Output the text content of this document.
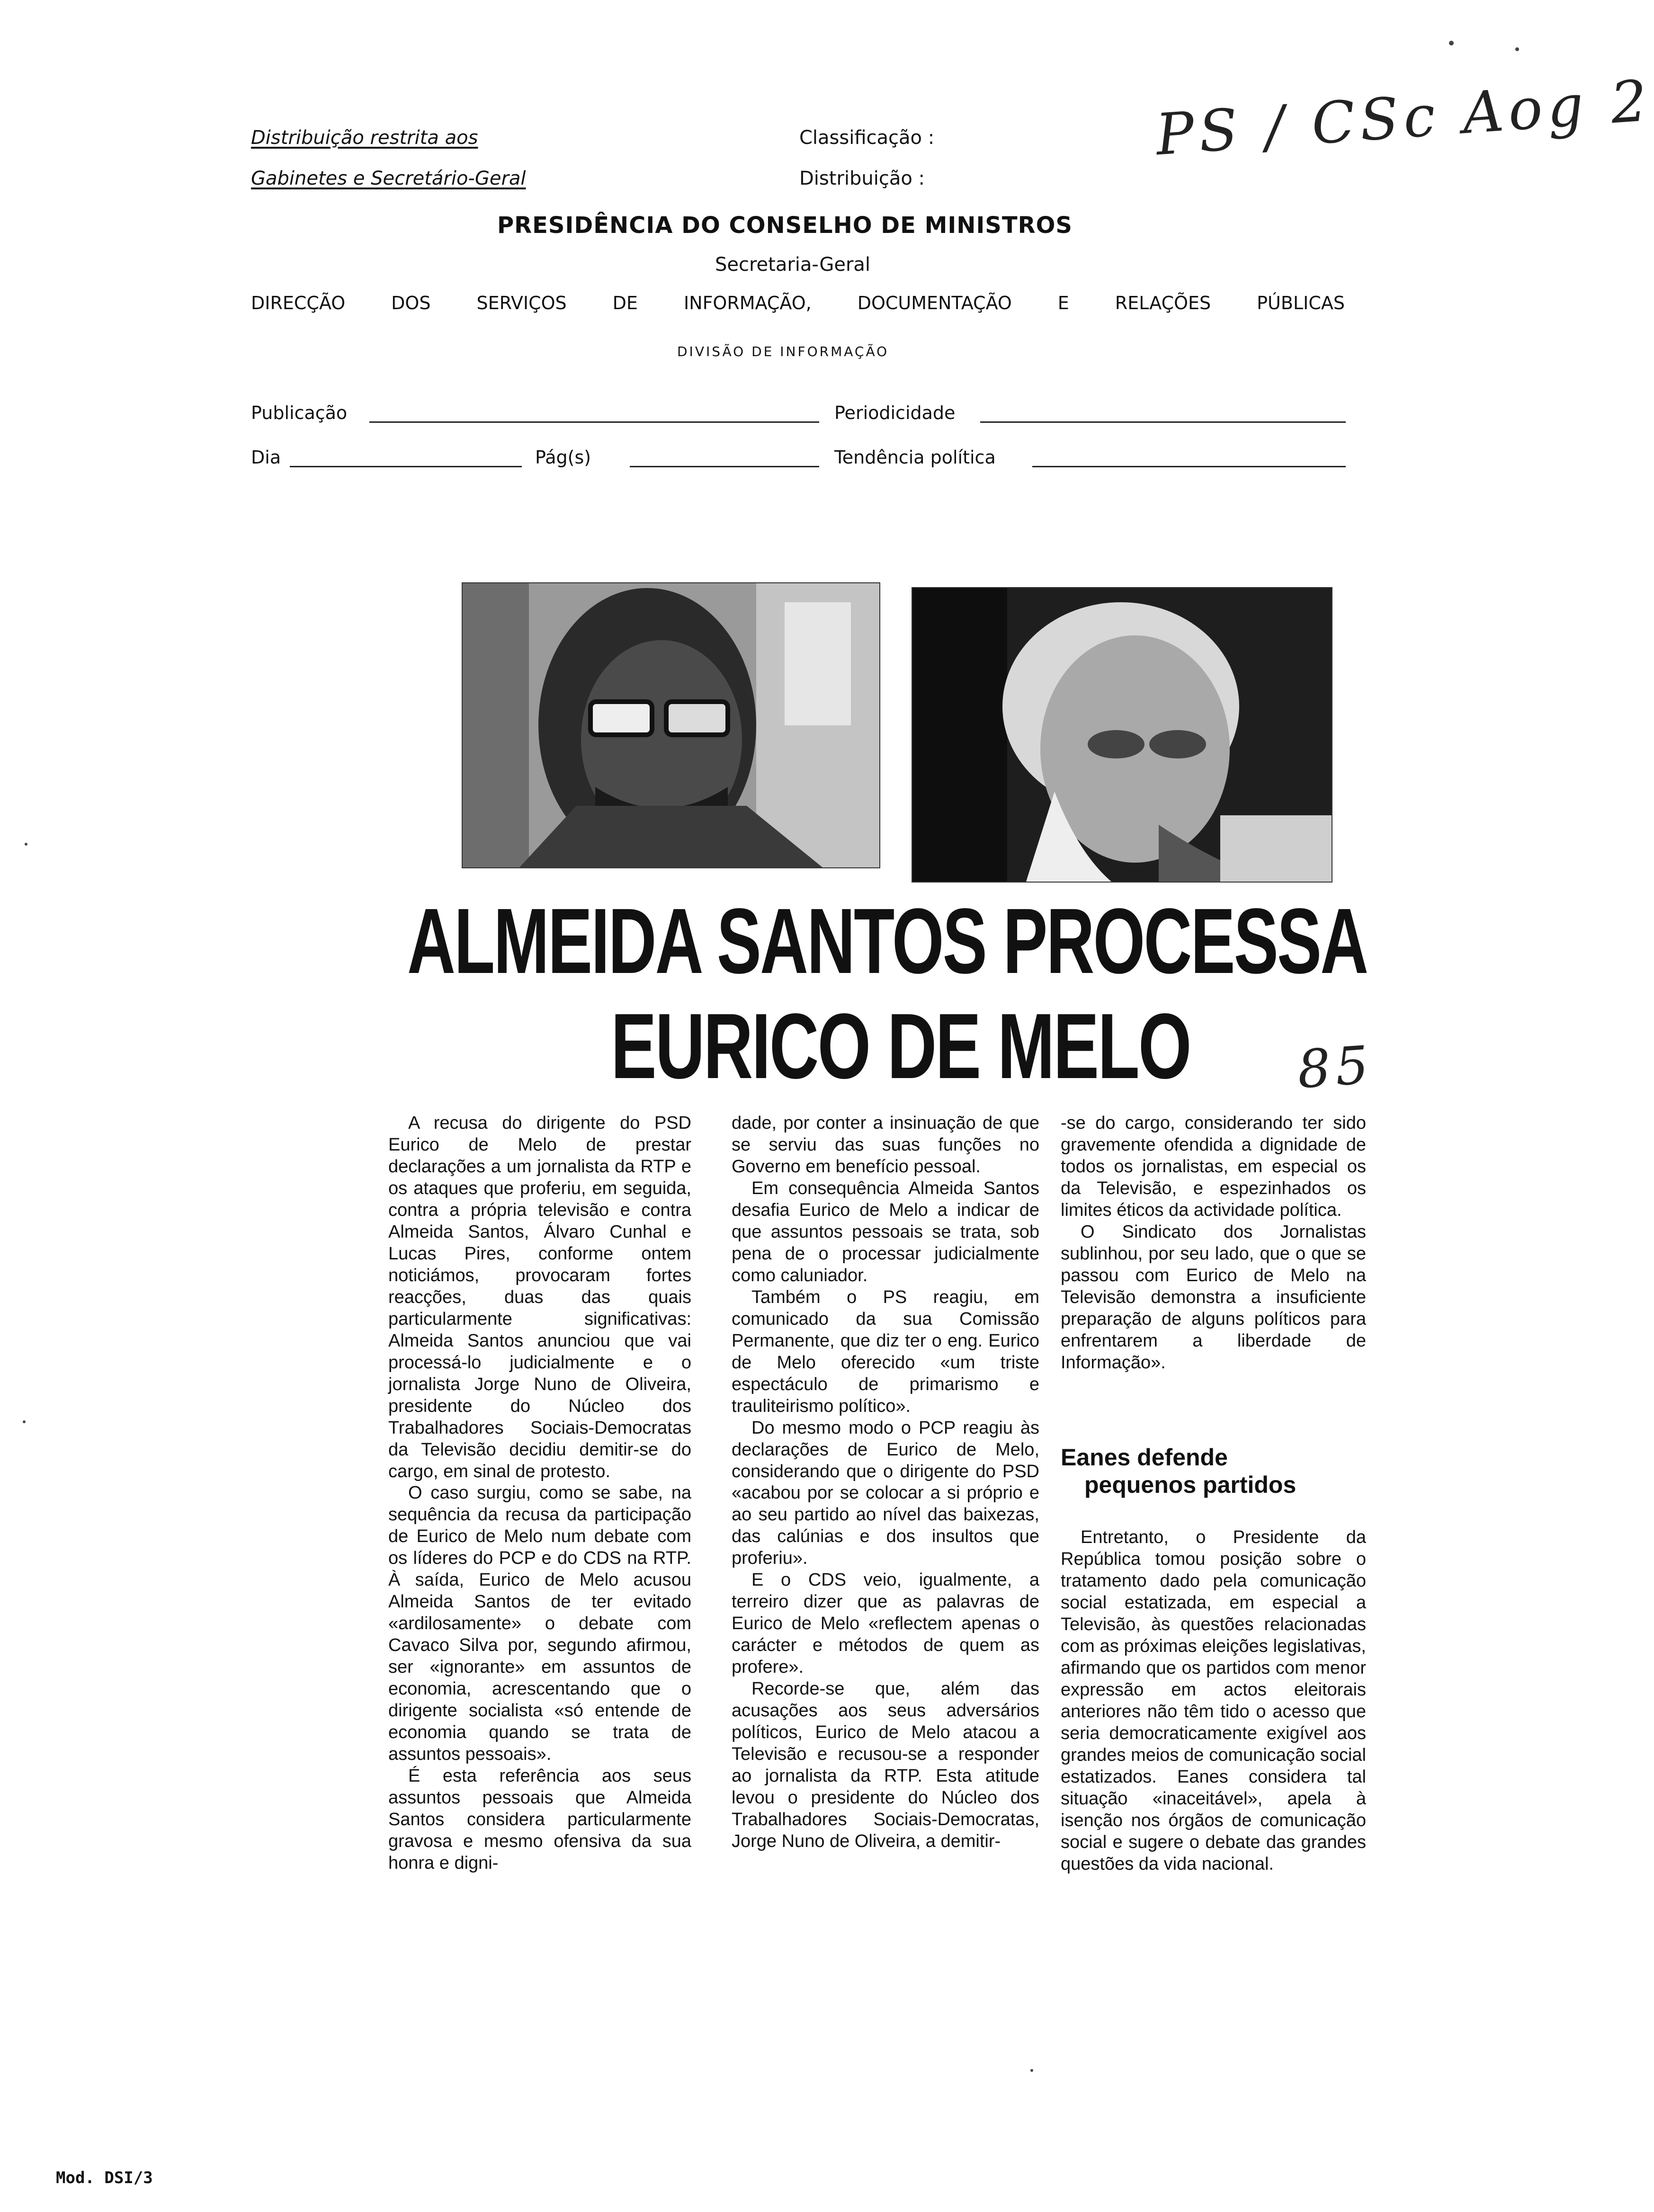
Distribuição restrita aos
Gabinetes e Secretário-Geral
Classificação :
Distribuição :
PS / CSc Aog 2
PRESIDÊNCIA DO CONSELHO DE MINISTROS
Secretaria-Geral
DIRECÇÃO	DOS	SERVIÇOS	DE	INFORMAÇÃO,	DOCUMENTAÇÃO	E	RELAÇÕES	PÚBLICAS
DIVISÃO DE INFORMAÇÃO
Publicação	Periodicidade
Dia	Pág(s)	Tendência política
ALMEIDA SANTOS PROCESSA
EURICO DE MELO 85

A recusa do dirigente do PSD Eurico de Melo de prestar declarações a um jornalista da RTP e os ataques que proferiu, em seguida, contra a própria televisão e contra Almeida Santos, Álvaro Cunhal e Lucas Pires, conforme ontem noticiámos, provocaram fortes reacções, duas das quais particularmente significativas: Almeida Santos anunciou que vai processá-lo judicialmente e o jornalista Jorge Nuno de Oliveira, presidente do Núcleo dos Trabalhadores Sociais-Democratas da Televisão decidiu demitir-se do cargo, em sinal de protesto.

O caso surgiu, como se sabe, na sequência da recusa da participação de Eurico de Melo num debate com os líderes do PCP e do CDS na RTP. À saída, Eurico de Melo acusou Almeida Santos de ter evitado «ardilosamente» o debate com Cavaco Silva por, segundo afirmou, ser «ignorante» em assuntos de economia, acrescentando que o dirigente socialista «só entende de economia quando se trata de assuntos pessoais».

É esta referência aos seus assuntos pessoais que Almeida Santos considera particularmente gravosa e mesmo ofensiva da sua honra e digni-

dade, por conter a insinuação de que se serviu das suas funções no Governo em benefício pessoal.

Em consequência Almeida Santos desafia Eurico de Melo a indicar de que assuntos pessoais se trata, sob pena de o processar judicialmente como caluniador.

Também o PS reagiu, em comunicado da sua Comissão Permanente, que diz ter o eng. Eurico de Melo oferecido «um triste espectáculo de primarismo e trauliteirismo político».

Do mesmo modo o PCP reagiu às declarações de Eurico de Melo, considerando que o dirigente do PSD «acabou por se colocar a si próprio e ao seu partido ao nível das baixezas, das calúnias e dos insultos que proferiu».

E o CDS veio, igualmente, a terreiro dizer que as palavras de Eurico de Melo «reflectem apenas o carácter e métodos de quem as profere».

Recorde-se que, além das acusações aos seus adversários políticos, Eurico de Melo atacou a Televisão e recusou-se a responder ao jornalista da RTP. Esta atitude levou o presidente do Núcleo dos Trabalhadores Sociais-Democratas, Jorge Nuno de Oliveira, a demitir-

-se do cargo, considerando ter sido gravemente ofendida a dignidade de todos os jornalistas, em especial os da Televisão, e espezinhados os limites éticos da actividade política.

O Sindicato dos Jornalistas sublinhou, por seu lado, que o que se passou com Eurico de Melo na Televisão demonstra a insuficiente preparação de alguns políticos para enfrentarem a liberdade de Informação».

Eanes defende
pequenos partidos

Entretanto, o Presidente da República tomou posição sobre o tratamento dado pela comunicação social estatizada, em especial a Televisão, às questões relacionadas com as próximas eleições legislativas, afirmando que os partidos com menor expressão em actos eleitorais anteriores não têm tido o acesso que seria democraticamente exigível aos grandes meios de comunicação social estatizados. Eanes considera tal situação «inaceitável», apela à isenção nos órgãos de comunicação social e sugere o debate das grandes questões da vida nacional.

Mod. DSI/3
